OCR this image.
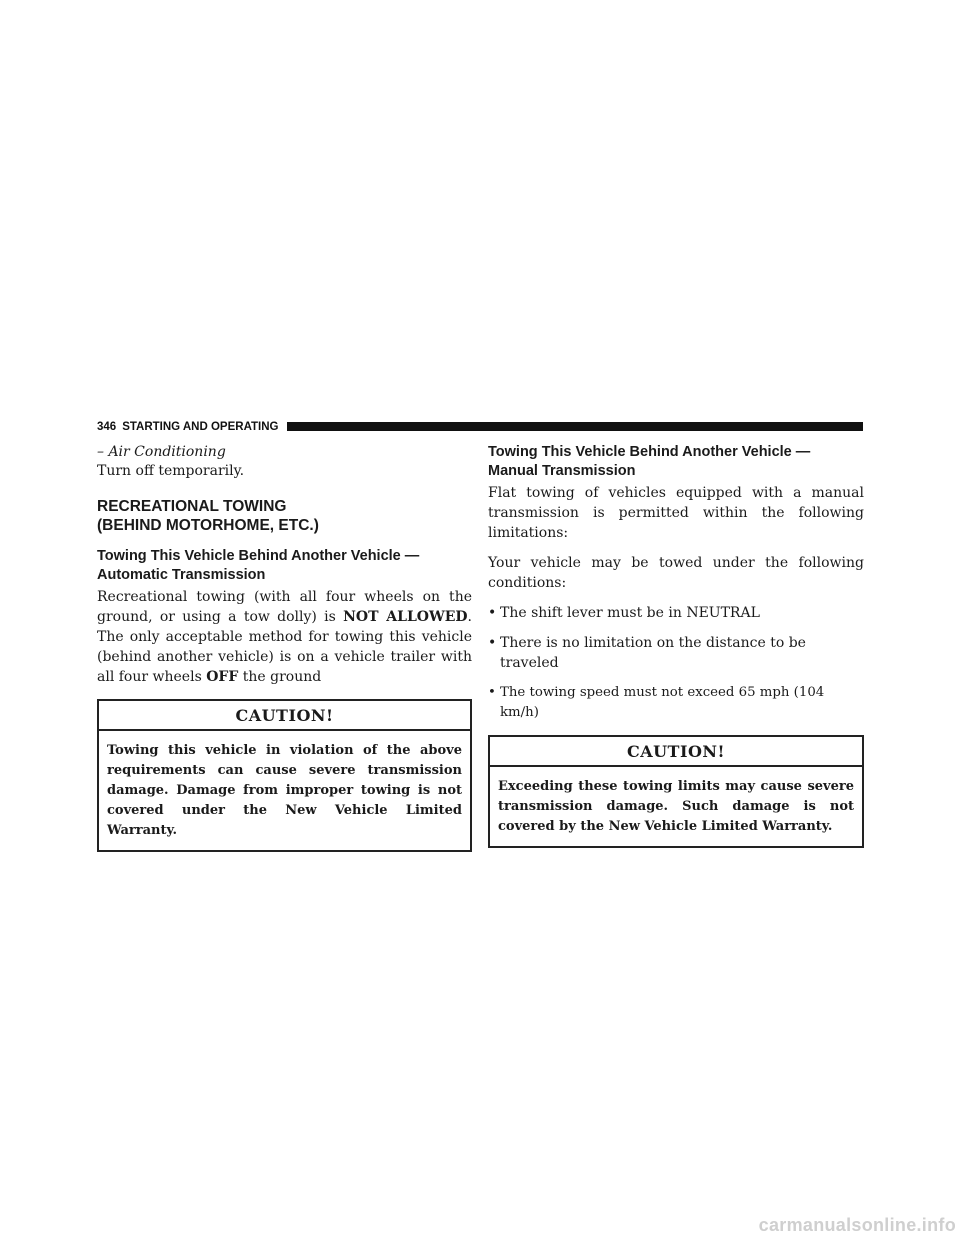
346 STARTING AND OPERATING

– Air Conditioning

Turn off temporarily.

RECREATIONAL TOWING
(BEHIND MOTORHOME, ETC.)
Towing This Vehicle Behind Another Vehicle —
Automatic Transmission

Recreational towing (with all four wheels on the ground, or using a tow dolly) is NOT ALLOWED. The only acceptable method for towing this vehicle (behind another vehicle) is on a vehicle trailer with all four wheels OFF the ground

CAUTION!
Towing this vehicle in violation of the above requirements can cause severe transmission damage. Damage from improper towing is not covered under the New Vehicle Limited Warranty.
Towing This Vehicle Behind Another Vehicle —
Manual Transmission

Flat towing of vehicles equipped with a manual transmission is permitted within the following limitations:

Your vehicle may be towed under the following conditions:

• The shift lever must be in NEUTRAL
• There is no limitation on the distance to be traveled
• The towing speed must not exceed 65 mph (104 km/h)
CAUTION!
Exceeding these towing limits may cause severe transmission damage. Such damage is not covered by the New Vehicle Limited Warranty.
carmanualsonline.info
